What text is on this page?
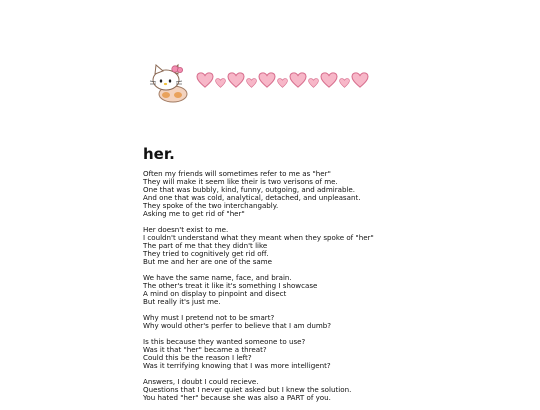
her.
Often my friends will sometimes refer to me as "her"
They will make it seem like their is two verisons of me.
One that was bubbly, kind, funny, outgoing, and admirable.
And one that was cold, analytical, detached, and unpleasant.
They spoke of the two interchangably.
Asking me to get rid of "her"
Her doesn't exist to me.
I couldn't understand what they meant when they spoke of "her"
The part of me that they didn't like
They tried to cognitively get rid off.
But me and her are one of the same
We have the same name, face, and brain.
The other's treat it like it's something I showcase
A mind on display to pinpoint and disect
But really it's just me.
Why must I pretend not to be smart?
Why would other's perfer to believe that I am dumb?
Is this because they wanted someone to use?
Was it that "her" became a threat?
Could this be the reason I left?
Was it terrifying knowing that I was more intelligent?
Answers, I doubt I could recieve.
Questions that I never quiet asked but I knew the solution.
You hated "her" because she was also a PART of you.
